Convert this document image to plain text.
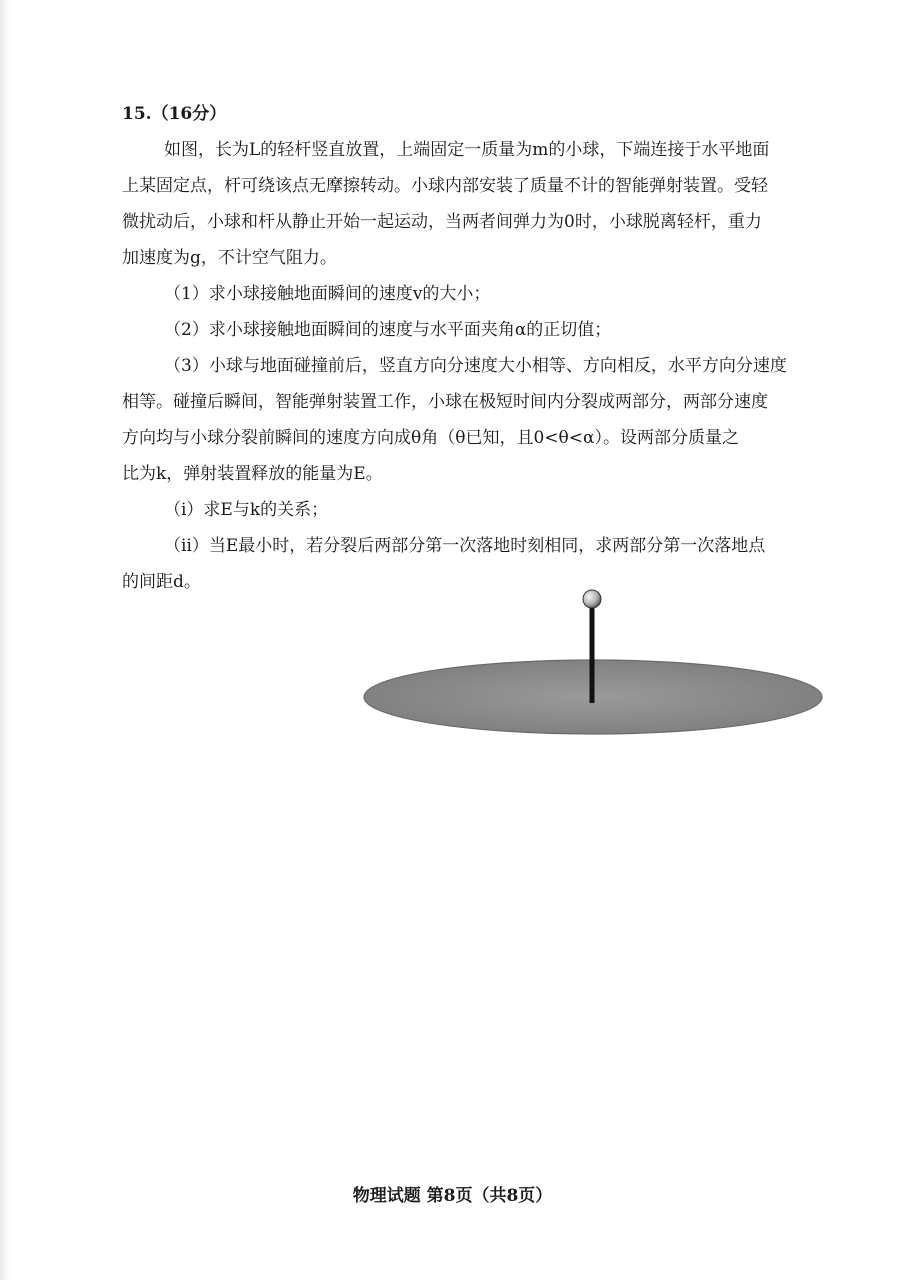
15.（16分）
如图，长为L的轻杆竖直放置，上端固定一质量为m的小球，下端连接于水平地面
上某固定点，杆可绕该点无摩擦转动。小球内部安装了质量不计的智能弹射装置。受轻
微扰动后，小球和杆从静止开始一起运动，当两者间弹力为0时，小球脱离轻杆，重力
加速度为g，不计空气阻力。
（1）求小球接触地面瞬间的速度v的大小；
（2）求小球接触地面瞬间的速度与水平面夹角α的正切值；
（3）小球与地面碰撞前后，竖直方向分速度大小相等、方向相反，水平方向分速度
相等。碰撞后瞬间，智能弹射装置工作，小球在极短时间内分裂成两部分，两部分速度
方向均与小球分裂前瞬间的速度方向成θ角（θ已知，且0<θ<α）。设两部分质量之
比为k，弹射装置释放的能量为E。
（ⅰ）求E与k的关系；
（ⅱ）当E最小时，若分裂后两部分第一次落地时刻相同，求两部分第一次落地点
的间距d。
物理试题 第8页（共8页）
